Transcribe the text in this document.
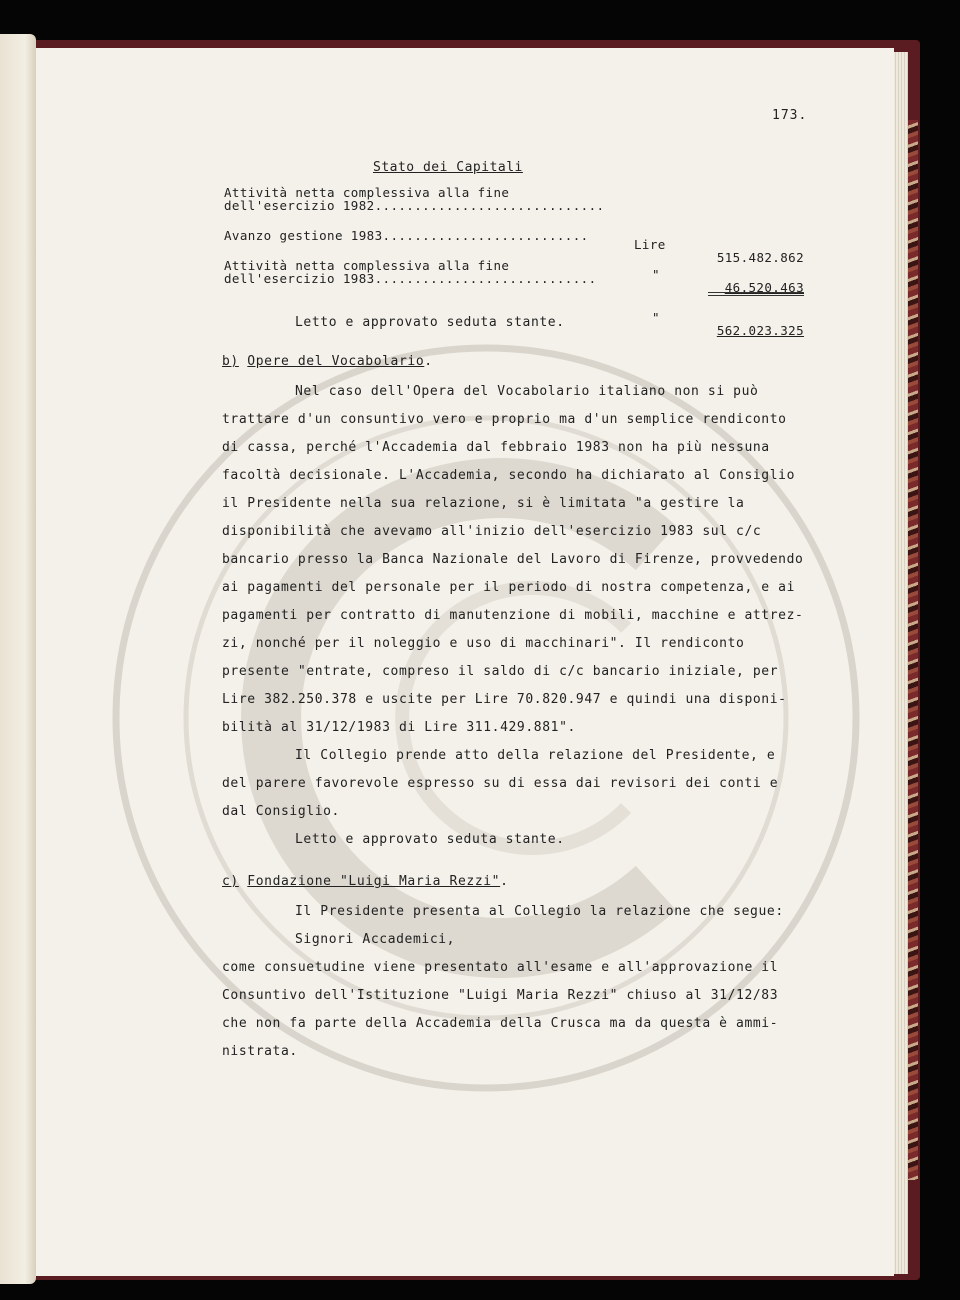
173.
Stato dei Capitali

Attività netta complessiva alla fine

dell'esercizio 1982.............................

Lire

515.482.862

Avanzo gestione 1983..........................

"

46.520.463

Attività netta complessiva alla fine

dell'esercizio 1983............................

"

562.023.325

Letto e approvato seduta stante.
b) Opere del Vocabolario.
Nel caso dell'Opera del Vocabolario italiano non si può
trattare d'un consuntivo vero e proprio ma d'un semplice rendiconto
di cassa, perché l'Accademia dal febbraio 1983 non ha più nessuna
facoltà decisionale. L'Accademia, secondo ha dichiarato al Consiglio
il Presidente nella sua relazione, si è limitata "a gestire la
disponibilità che avevamo all'inizio dell'esercizio 1983 sul c/c
bancario presso la Banca Nazionale del Lavoro di Firenze, provvedendo
ai pagamenti del personale per il periodo di nostra competenza, e ai
pagamenti per contratto di manutenzione di mobili, macchine e attrez-
zi, nonché per il noleggio e uso di macchinari". Il rendiconto
presente "entrate, compreso il saldo di c/c bancario iniziale, per
Lire 382.250.378 e uscite per Lire 70.820.947 e quindi una disponi-
bilità al 31/12/1983 di Lire 311.429.881".
Il Collegio prende atto della relazione del Presidente, e
del parere favorevole espresso su di essa dai revisori dei conti e
dal Consiglio.
Letto e approvato seduta stante.
c) Fondazione "Luigi Maria Rezzi".
Il Presidente presenta al Collegio la relazione che segue:
Signori Accademici,
come consuetudine viene presentato all'esame e all'approvazione il
Consuntivo dell'Istituzione "Luigi Maria Rezzi" chiuso al 31/12/83
che non fa parte della Accademia della Crusca ma da questa è ammi-
nistrata.
